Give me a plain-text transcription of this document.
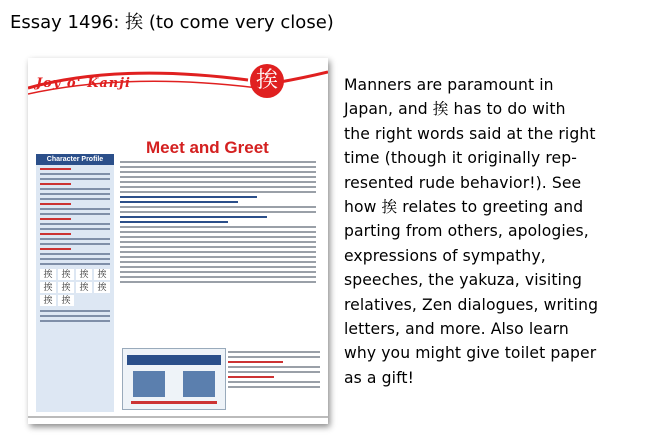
Essay 1496: 挨 (to come very close)
Joy o' Kanji	挨
Meet and Greet
Character Profile
挨 挨 挨 挨
挨 挨 挨 挨
挨 挨
Manners are paramount in
Japan, and 挨 has to do with
the right words said at the right
time (though it originally rep-
resented rude behavior!). See
how 挨 relates to greeting and
parting from others, apologies,
expressions of sympathy,
speeches, the yakuza, visiting
relatives, Zen dialogues, writing
letters, and more. Also learn
why you might give toilet paper
as a gift!
